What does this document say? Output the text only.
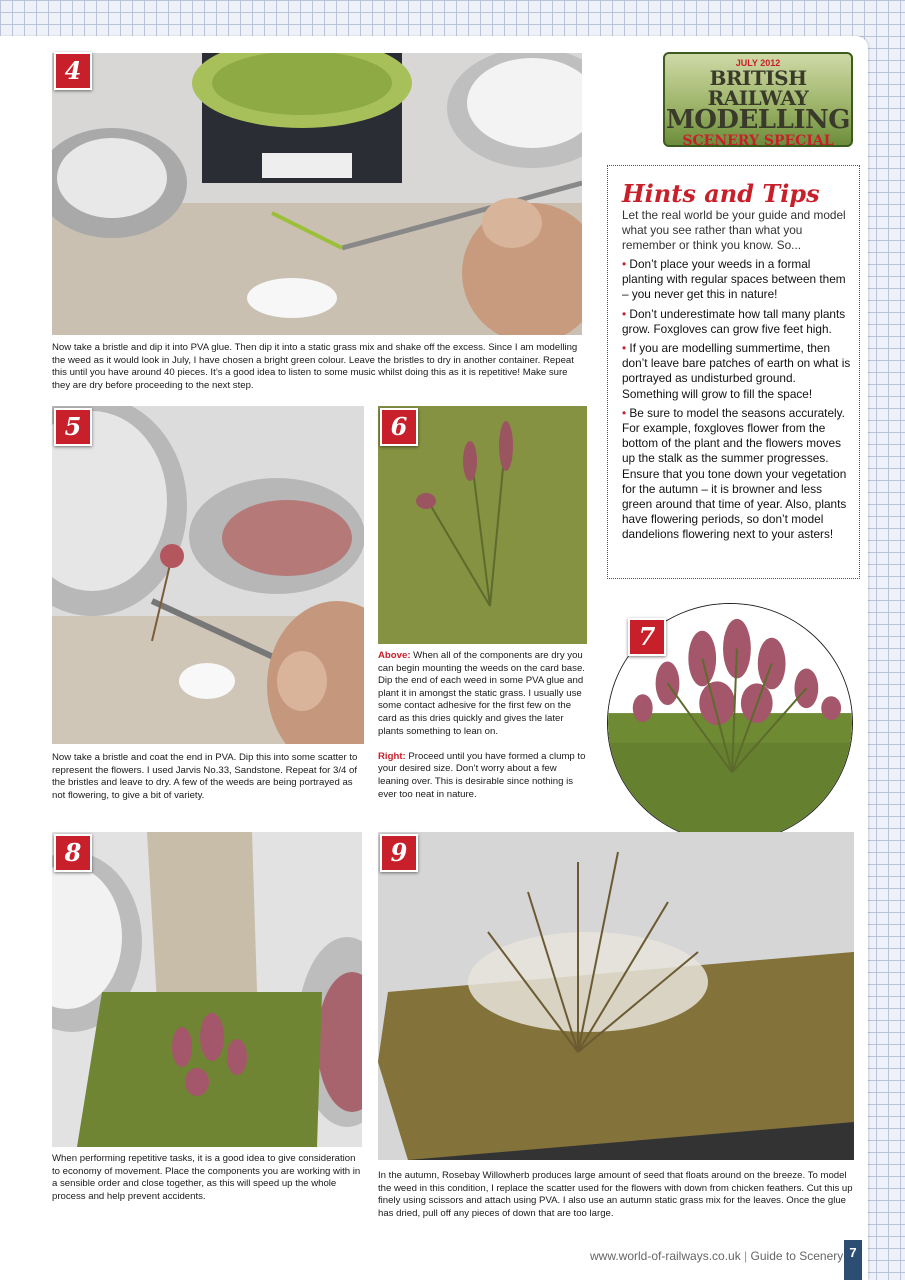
4
Now take a bristle and dip it into PVA glue. Then dip it into a static grass mix and shake off the excess. Since I am modelling the weed as it would look in July, I have chosen a bright green colour. Leave the bristles to dry in another container. Repeat this until you have around 40 pieces. It’s a good idea to listen to some music whilst doing this as it is repetitive! Make sure they are dry before proceeding to the next step.
JULY 2012
BRITISH RAILWAY
MODELLING
SCENERY SPECIAL
Hints and Tips

Let the real world be your guide and model what you see rather than what you remember or think you know. So...

• Don’t place your weeds in a formal planting with regular spaces between them – you never get this in nature!

• Don’t underestimate how tall many plants grow. Foxgloves can grow five feet high.

• If you are modelling summertime, then don’t leave bare patches of earth on what is portrayed as undisturbed ground. Something will grow to fill the space!

• Be sure to model the seasons accurately. For example, foxgloves flower from the bottom of the plant and the flowers moves up the stalk as the summer progresses. Ensure that you tone down your vegetation for the autumn – it is browner and less green around that time of year. Also, plants have flowering periods, so don’t model dandelions flowering next to your asters!

5
Now take a bristle and coat the end in PVA. Dip this into some scatter to represent the flowers. I used Jarvis No.33, Sandstone. Repeat for 3/4 of the bristles and leave to dry. A few of the weeds are being portrayed as not flowering, to give a bit of variety.
6
Above: When all of the components are dry you can begin mounting the weeds on the card base. Dip the end of each weed in some PVA glue and plant it in amongst the static grass. I usually use some contact adhesive for the first few on the card as this dries quickly and gives the later plants something to lean on.

Right: Proceed until you have formed a clump to your desired size. Don’t worry about a few leaning over. This is desirable since nothing is ever too neat in nature.
7
8
When performing repetitive tasks, it is a good idea to give consideration to economy of movement. Place the components you are working with in a sensible order and close together, as this will speed up the whole process and help prevent accidents.
9
In the autumn, Rosebay Willowherb produces large amount of seed that floats around on the breeze. To model the weed in this condition, I replace the scatter used for the flowers with down from chicken feathers. Cut this up finely using scissors and attach using PVA. I also use an autumn static grass mix for the leaves. Once the glue has dried, pull off any pieces of down that are too large.
www.world-of-railways.co.uk | Guide to Scenery 7
